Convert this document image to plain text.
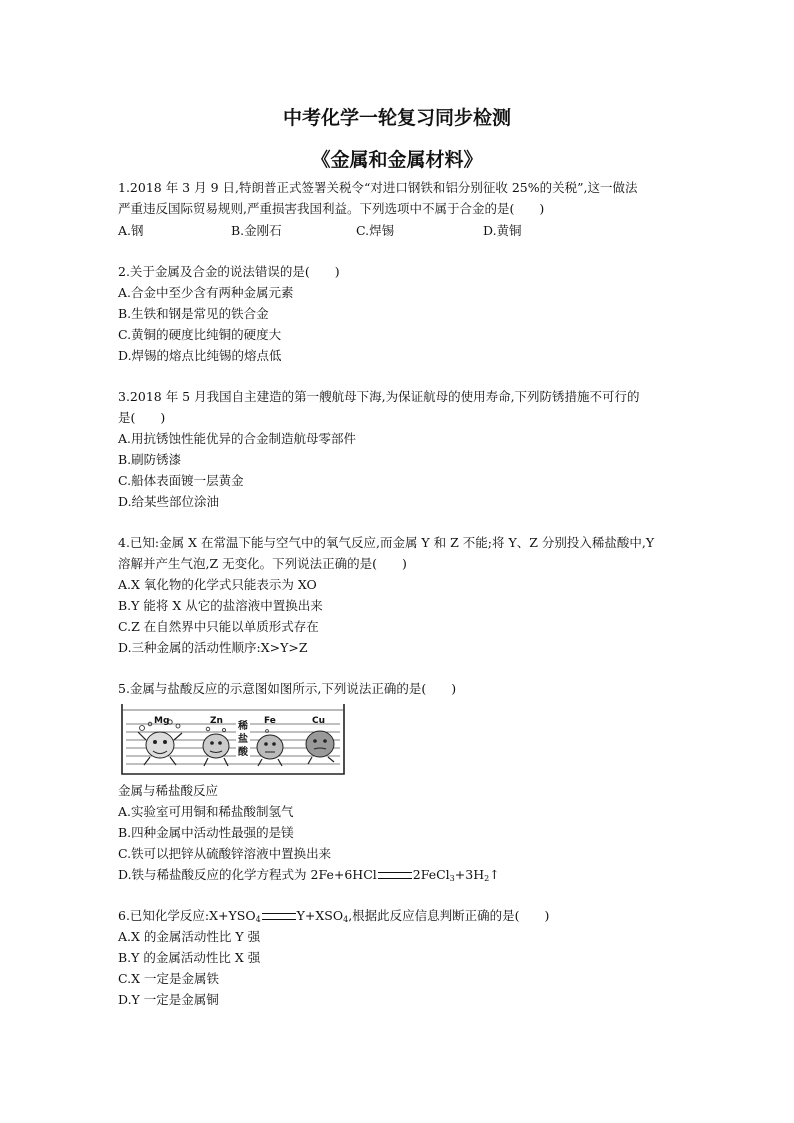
中考化学一轮复习同步检测
《金属和金属材料》
1.2018 年 3 月 9 日,特朗普正式签署关税令“对进口钢铁和铝分别征收 25%的关税”,这一做法
严重违反国际贸易规则,严重损害我国利益。下列选项中不属于合金的是(　　)
A.钢	B.金刚石	C.焊锡	D.黄铜
2.关于金属及合金的说法错误的是(　　)
A.合金中至少含有两种金属元素
B.生铁和钢是常见的铁合金
C.黄铜的硬度比纯铜的硬度大
D.焊锡的熔点比纯锡的熔点低
3.2018 年 5 月我国自主建造的第一艘航母下海,为保证航母的使用寿命,下列防锈措施不可行的
是(　　)
A.用抗锈蚀性能优异的合金制造航母零部件
B.刷防锈漆
C.船体表面镀一层黄金
D.给某些部位涂油
4.已知:金属 X 在常温下能与空气中的氧气反应,而金属 Y 和 Z 不能;将 Y、Z 分别投入稀盐酸中,Y
溶解并产生气泡,Z 无变化。下列说法正确的是(　　)
A.X 氧化物的化学式只能表示为 XO
B.Y 能将 X 从它的盐溶液中置换出来
C.Z 在自然界中只能以单质形式存在
D.三种金属的活动性顺序:X>Y>Z
5.金属与盐酸反应的示意图如图所示,下列说法正确的是(　　)
Mg	Zn	Fe	Cu
稀
盐
酸
金属与稀盐酸反应
A.实验室可用铜和稀盐酸制氢气
B.四种金属中活动性最强的是镁
C.铁可以把锌从硫酸锌溶液中置换出来
D.铁与稀盐酸反应的化学方程式为 2Fe+6HCl	$2FeCl_3+3H_2↑$
6.已知化学反应$:X+YSO_4$	$Y+XSO_4$,根据此反应信息判断正确的是(　　)
A.X 的金属活动性比 Y 强
B.Y 的金属活动性比 X 强
C.X 一定是金属铁
D.Y 一定是金属铜
